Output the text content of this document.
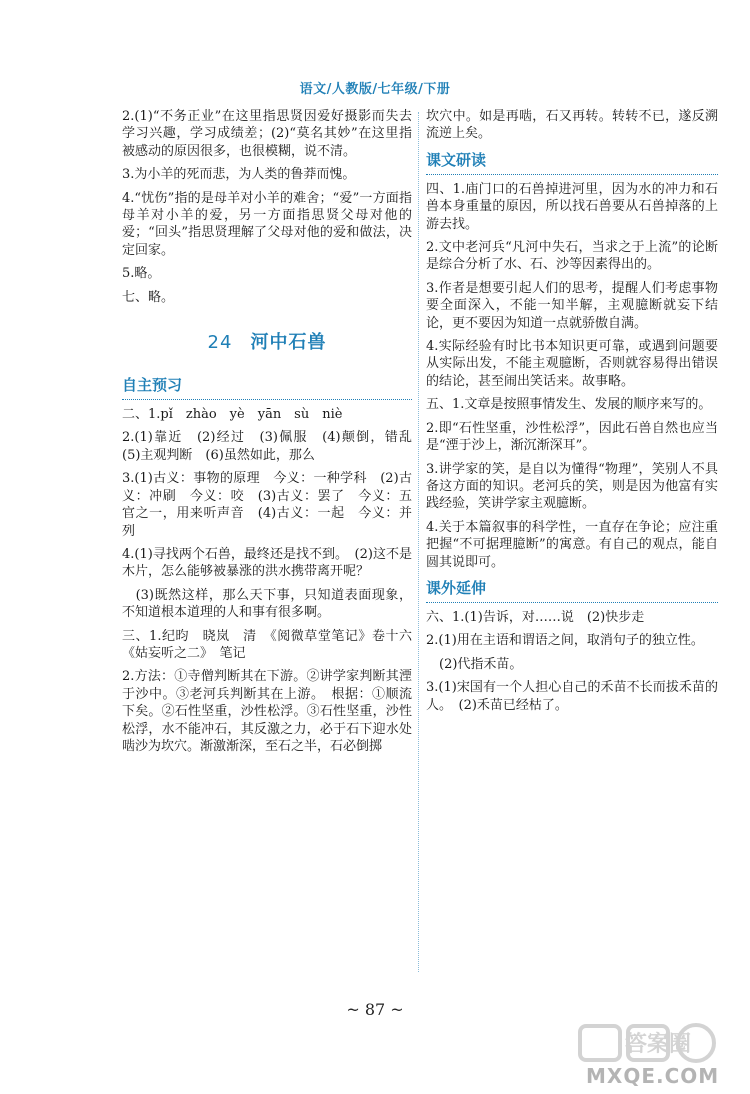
语文/人教版/七年级/下册

2.(1)“不务正业”在这里指思贤因爱好摄影而失去学习兴趣，学习成绩差；(2)“莫名其妙”在这里指被感动的原因很多，也很模糊，说不清。

3.为小羊的死而悲，为人类的鲁莽而愧。

4.“忧伤”指的是母羊对小羊的难舍；“爱”一方面指母羊对小羊的爱，另一方面指思贤父母对他的爱；“回头”指思贤理解了父母对他的爱和做法，决定回家。

5.略。

七、略。

24 河中石兽
自主预习

二、1.pǐ　zhào　yè　yān　sù　niè

2.(1)靠近　(2)经过　(3)佩服　(4)颠倒，错乱　(5)主观判断　(6)虽然如此，那么

3.(1)古义：事物的原理　今义：一种学科　(2)古义：冲刷　今义：咬　(3)古义：罢了　今义：五官之一，用来听声音　(4)古义：一起　今义：并列

4.(1)寻找两个石兽，最终还是找不到。　(2)这不是木片，怎么能够被暴涨的洪水携带离开呢？

　(3)既然这样，那么天下事，只知道表面现象，不知道根本道理的人和事有很多啊。

三、1.纪昀　晓岚　清　《阅微草堂笔记》卷十六《姑妄听之二》　笔记

2.方法：①寺僧判断其在下游。②讲学家判断其湮于沙中。③老河兵判断其在上游。　根据：①顺流下矣。②石性坚重，沙性松浮。③石性坚重，沙性松浮，水不能冲石，其反激之力，必于石下迎水处啮沙为坎穴。渐激渐深，至石之半，石必倒掷

坎穴中。如是再啮，石又再转。转转不已，遂反溯流逆上矣。

课文研读

四、1.庙门口的石兽掉进河里，因为水的冲力和石兽本身重量的原因，所以找石兽要从石兽掉落的上游去找。

2.文中老河兵“凡河中失石，当求之于上流”的论断是综合分析了水、石、沙等因素得出的。

3.作者是想要引起人们的思考，提醒人们考虑事物要全面深入，不能一知半解，主观臆断就妄下结论，更不要因为知道一点就骄傲自满。

4.实际经验有时比书本知识更可靠，或遇到问题要从实际出发，不能主观臆断，否则就容易得出错误的结论，甚至闹出笑话来。故事略。

五、1.文章是按照事情发生、发展的顺序来写的。

2.即“石性坚重，沙性松浮”，因此石兽自然也应当是“湮于沙上，渐沉渐深耳”。

3.讲学家的笑，是自以为懂得“物理”，笑别人不具备这方面的知识。老河兵的笑，则是因为他富有实践经验，笑讲学家主观臆断。

4.关于本篇叙事的科学性，一直存在争论；应注重把握“不可据理臆断”的寓意。有自己的观点，能自圆其说即可。

课外延伸

六、1.(1)告诉，对……说　(2)快步走

2.(1)用在主语和谓语之间，取消句子的独立性。

　(2)代指禾苗。

3.(1)宋国有一个人担心自己的禾苗不长而拔禾苗的人。　(2)禾苗已经枯了。

~ 87 ~
答案圈
MXQE.COM
